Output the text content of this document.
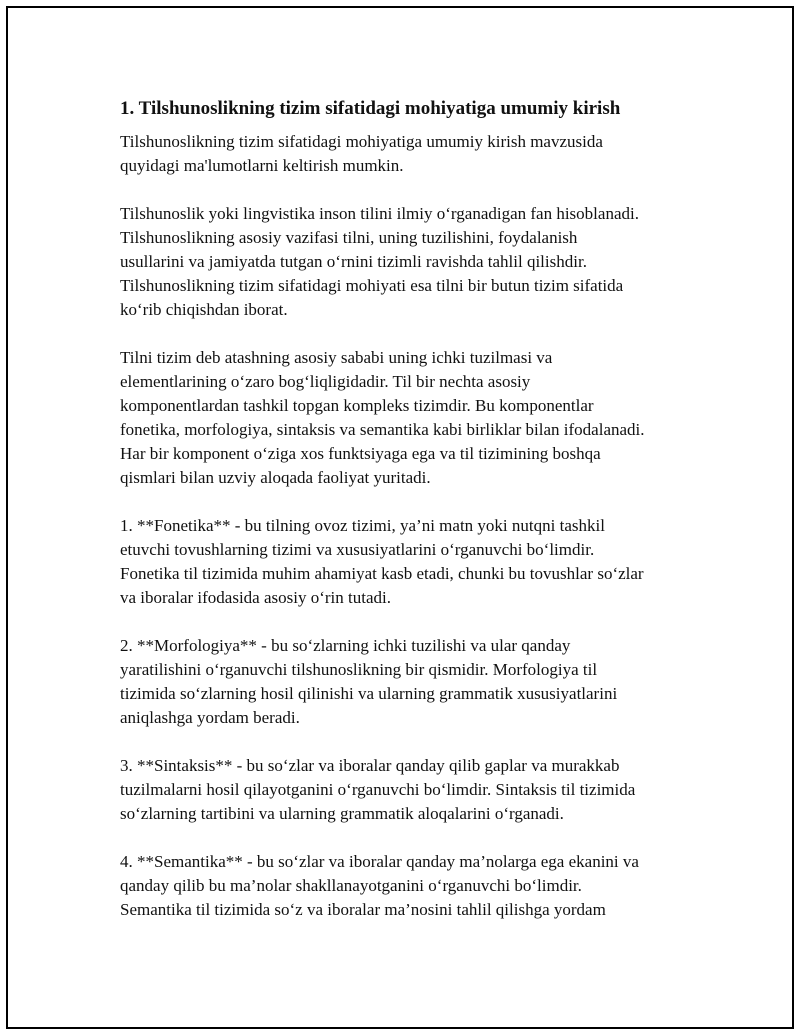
1. Tilshunoslikning tizim sifatidagi mohiyatiga umumiy kirish

Tilshunoslikning tizim sifatidagi mohiyatiga umumiy kirish mavzusida
quyidagi ma'lumotlarni keltirish mumkin.

Tilshunoslik yoki lingvistika inson tilini ilmiy o‘rganadigan fan hisoblanadi.
Tilshunoslikning asosiy vazifasi tilni, uning tuzilishini, foydalanish
usullarini va jamiyatda tutgan o‘rnini tizimli ravishda tahlil qilishdir.
Tilshunoslikning tizim sifatidagi mohiyati esa tilni bir butun tizim sifatida
ko‘rib chiqishdan iborat.

Tilni tizim deb atashning asosiy sababi uning ichki tuzilmasi va
elementlarining o‘zaro bog‘liqligidadir. Til bir nechta asosiy
komponentlardan tashkil topgan kompleks tizimdir. Bu komponentlar
fonetika, morfologiya, sintaksis va semantika kabi birliklar bilan ifodalanadi.
Har bir komponent o‘ziga xos funktsiyaga ega va til tizimining boshqa
qismlari bilan uzviy aloqada faoliyat yuritadi.

1. **Fonetika** - bu tilning ovoz tizimi, ya’ni matn yoki nutqni tashkil
etuvchi tovushlarning tizimi va xususiyatlarini o‘rganuvchi bo‘limdir.
Fonetika til tizimida muhim ahamiyat kasb etadi, chunki bu tovushlar so‘zlar
va iboralar ifodasida asosiy o‘rin tutadi.

2. **Morfologiya** - bu so‘zlarning ichki tuzilishi va ular qanday
yaratilishini o‘rganuvchi tilshunoslikning bir qismidir. Morfologiya til
tizimida so‘zlarning hosil qilinishi va ularning grammatik xususiyatlarini
aniqlashga yordam beradi.

3. **Sintaksis** - bu so‘zlar va iboralar qanday qilib gaplar va murakkab
tuzilmalarni hosil qilayotganini o‘rganuvchi bo‘limdir. Sintaksis til tizimida
so‘zlarning tartibini va ularning grammatik aloqalarini o‘rganadi.

4. **Semantika** - bu so‘zlar va iboralar qanday ma’nolarga ega ekanini va
qanday qilib bu ma’nolar shakllanayotganini o‘rganuvchi bo‘limdir.
Semantika til tizimida so‘z va iboralar ma’nosini tahlil qilishga yordam
